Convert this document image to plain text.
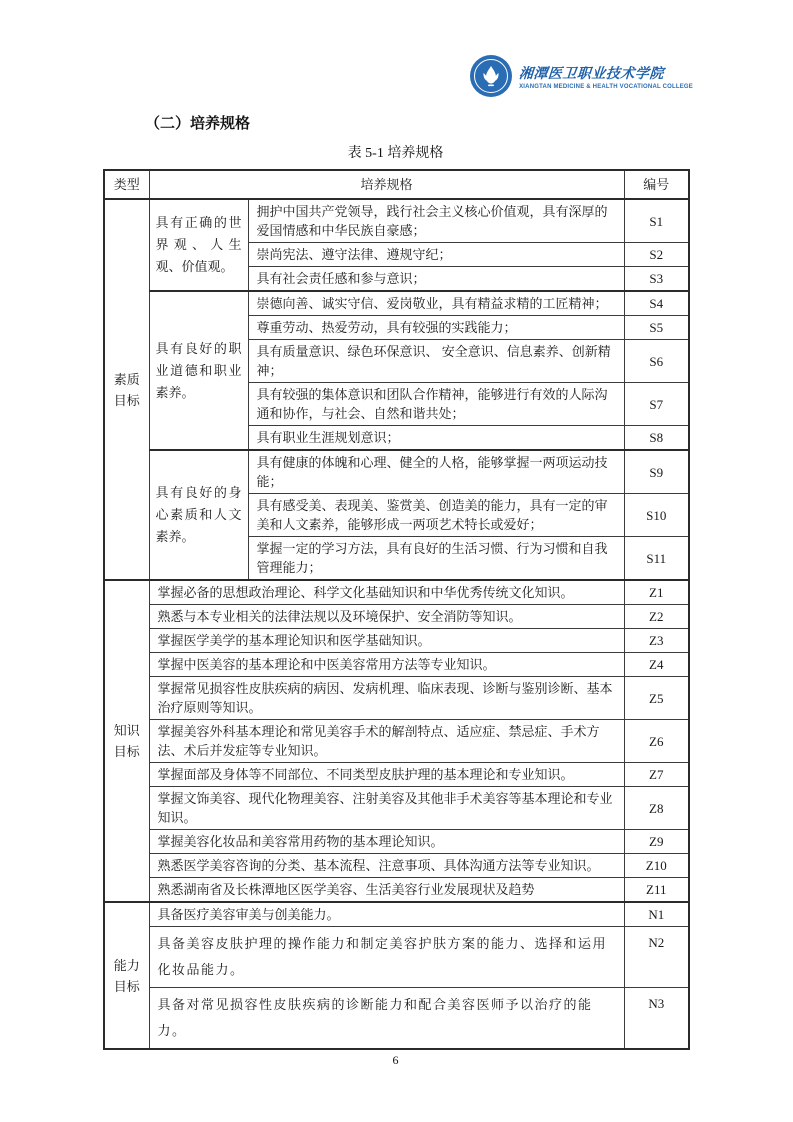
湘潭医卫职业技术学院
XIANGTAN MEDICINE & HEALTH VOCATIONAL COLLEGE
（二）培养规格
表 5-1 培养规格
类型	培养规格		编号

素质目标	具有正确的世界观、人生观、价值观。	拥护中国共产党领导，践行社会主义核心价值观，具有深厚的爱国情感和中华民族自豪感；	S1
		崇尚宪法、遵守法律、遵规守纪；	S2
		具有社会责任感和参与意识；	S3
	具有良好的职业道德和职业素养。	崇德向善、诚实守信、爱岗敬业，具有精益求精的工匠精神；	S4
		尊重劳动、热爱劳动，具有较强的实践能力；	S5
		具有质量意识、绿色环保意识、 安全意识、信息素养、创新精神；	S6
		具有较强的集体意识和团队合作精神，能够进行有效的人际沟通和协作，与社会、自然和谐共处；	S7
		具有职业生涯规划意识；	S8
	具有良好的身心素质和人文素养。	具有健康的体魄和心理、健全的人格，能够掌握一两项运动技能；	S9
		具有感受美、表现美、鉴赏美、创造美的能力，具有一定的审美和人文素养，能够形成一两项艺术特长或爱好；	S10
		掌握一定的学习方法，具有良好的生活习惯、行为习惯和自我管理能力；	S11

知识目标	掌握必备的思想政治理论、科学文化基础知识和中华优秀传统文化知识。		Z1
	熟悉与本专业相关的法律法规以及环境保护、安全消防等知识。		Z2
	掌握医学美学的基本理论知识和医学基础知识。		Z3
	掌握中医美容的基本理论和中医美容常用方法等专业知识。		Z4
	掌握常见损容性皮肤疾病的病因、发病机理、临床表现、诊断与鉴别诊断、基本治疗原则等知识。		Z5
	掌握美容外科基本理论和常见美容手术的解剖特点、适应症、禁忌症、手术方法、术后并发症等专业知识。		Z6
	掌握面部及身体等不同部位、不同类型皮肤护理的基本理论和专业知识。		Z7
	掌握文饰美容、现代化物理美容、注射美容及其他非手术美容等基本理论和专业知识。		Z8
	掌握美容化妆品和美容常用药物的基本理论知识。		Z9
	熟悉医学美容咨询的分类、基本流程、注意事项、具体沟通方法等专业知识。		Z10
	熟悉湖南省及长株潭地区医学美容、生活美容行业发展现状及趋势		Z11

能力目标	具备医疗美容审美与创美能力。		N1
	具备美容皮肤护理的操作能力和制定美容护肤方案的能力、选择和运用化妆品能力。		N2
	具备对常见损容性皮肤疾病的诊断能力和配合美容医师予以治疗的能力。		N3
6
